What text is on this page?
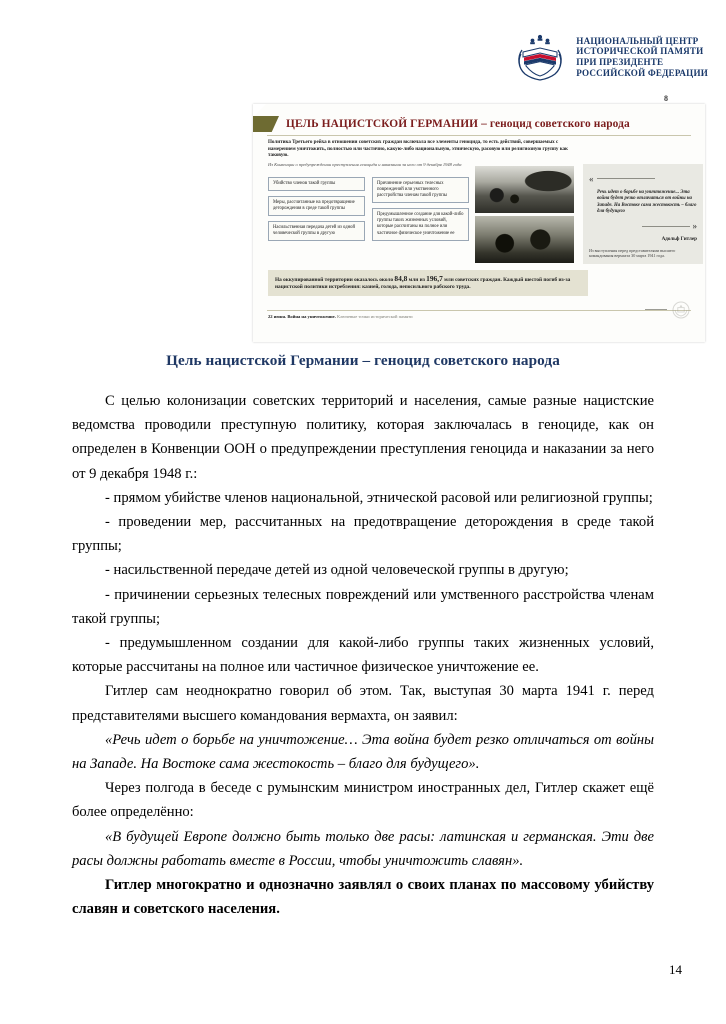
НАЦИОНАЛЬНЫЙ ЦЕНТР
ИСТОРИЧЕСКОЙ ПАМЯТИ
ПРИ ПРЕЗИДЕНТЕ
РОССИЙСКОЙ ФЕДЕРАЦИИ
8
ЦЕЛЬ НАЦИСТСКОЙ ГЕРМАНИИ – геноцид советского народа
Политика Третьего рейха в отношении советских граждан включала все элементы геноцида, то есть действий, совершаемых с намерением уничтожить, полностью или частично, какую-либо национальную, этническую, расовую или религиозную группу как таковую.
Из Конвенции о предупреждении преступления геноцида и наказании за него от 9 декабря 1948 года
Убийство членов такой группы
Меры, рассчитанные на предотвращение деторождения в среде такой группы
Насильственная передача детей из одной человеческой группы в другую
Причинение серьезных телесных повреждений или умственного расстройства членам такой группы
Предумышленное создание для какой-либо группы таких жизненных условий, которые рассчитаны на полное или частичное физическое уничтожение ее
«
Речь идет о борьбе на уничтожение... Эта война будет резко отличаться от войны на Западе. На Востоке сама жестокость – благо для будущего
»
Адольф Гитлер
Из выступления перед представителями высшего командования вермахта 30 марта 1941 года.
На оккупированной территории оказалось около 84,8 млн из 196,7 млн советских граждан. Каждый шестой погиб из-за нацистской политики истребления: казней, голода, непосильного рабского труда.
22 июня. Война на уничтожение. Ключевые точки исторической памяти
Цель нацистской Германии – геноцид советского народа

С целью колонизации советских территорий и населения, самые разные нацистские ведомства проводили преступную политику, которая заключалась в геноциде, как он определен в Конвенции ООН о предупреждении преступления геноцида и наказании за него от 9 декабря 1948 г.:

- прямом убийстве членов национальной, этнической расовой или религиозной группы;

- проведении мер, рассчитанных на предотвращение деторождения в среде такой группы;

- насильственной передаче детей из одной человеческой группы в другую;

- причинении серьезных телесных повреждений или умственного расстройства членам такой группы;

- предумышленном создании для какой-либо группы таких жизненных условий, которые рассчитаны на полное или частичное физическое уничтожение ее.

Гитлер сам неоднократно говорил об этом. Так, выступая 30 марта 1941 г. перед представителями высшего командования вермахта, он заявил:

«Речь идет о борьбе на уничтожение… Эта война будет резко отличаться от войны на Западе. На Востоке сама жестокость – благо для будущего».

Через полгода в беседе с румынским министром иностранных дел, Гитлер скажет ещё более определённо:

«В будущей Европе должно быть только две расы: латинская и германская. Эти две расы должны работать вместе в России, чтобы уничтожить славян».

Гитлер многократно и однозначно заявлял о своих планах по массовому убийству славян и советского населения.

14
